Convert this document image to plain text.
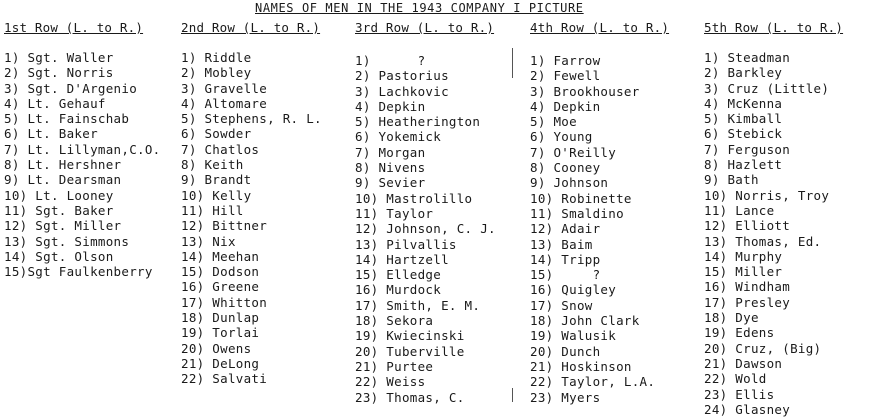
NAMES OF MEN IN THE 1943 COMPANY I PICTURE
1st Row (L. to R.)
1) Sgt. Waller
2) Sgt. Norris
3) Sgt. D'Argenio
4) Lt. Gehauf
5) Lt. Fainschab
6) Lt. Baker
7) Lt. Lillyman,C.O.
8) Lt. Hershner
9) Lt. Dearsman
10) Lt. Looney
11) Sgt. Baker
12) Sgt. Miller
13) Sgt. Simmons
14) Sgt. Olson
15)Sgt Faulkenberry
2nd Row (L. to R.)
1) Riddle
2) Mobley
3) Gravelle
4) Altomare
5) Stephens, R. L.
6) Sowder
7) Chatlos
8) Keith
9) Brandt
10) Kelly
11) Hill
12) Bittner
13) Nix
14) Meehan
15) Dodson
16) Greene
17) Whitton
18) Dunlap
19) Torlai
20) Owens
21) DeLong
22) Salvati
3rd Row (L. to R.)
1)      ?
2) Pastorius
3) Lachkovic
4) Depkin
5) Heatherington
6) Yokemick
7) Morgan
8) Nivens
9) Sevier
10) Mastrolillo
11) Taylor
12) Johnson, C. J.
13) Pilvallis
14) Hartzell
15) Elledge
16) Murdock
17) Smith, E. M.
18) Sekora
19) Kwiecinski
20) Tuberville
21) Purtee
22) Weiss
23) Thomas, C.
4th Row (L. to R.)
1) Farrow
2) Fewell
3) Brookhouser
4) Depkin
5) Moe
6) Young
7) O'Reilly
8) Cooney
9) Johnson
10) Robinette
11) Smaldino
12) Adair
13) Baim
14) Tripp
15)     ?
16) Quigley
17) Snow
18) John Clark
19) Walusik
20) Dunch
21) Hoskinson
22) Taylor, L.A.
23) Myers
5th Row (L. to R.)
1) Steadman
2) Barkley
3) Cruz (Little)
4) McKenna
5) Kimball
6) Stebick
7) Ferguson
8) Hazlett
9) Bath
10) Norris, Troy
11) Lance
12) Elliott
13) Thomas, Ed.
14) Murphy
15) Miller
16) Windham
17) Presley
18) Dye
19) Edens
20) Cruz, (Big)
21) Dawson
22) Wold
23) Ellis
24) Glasney
